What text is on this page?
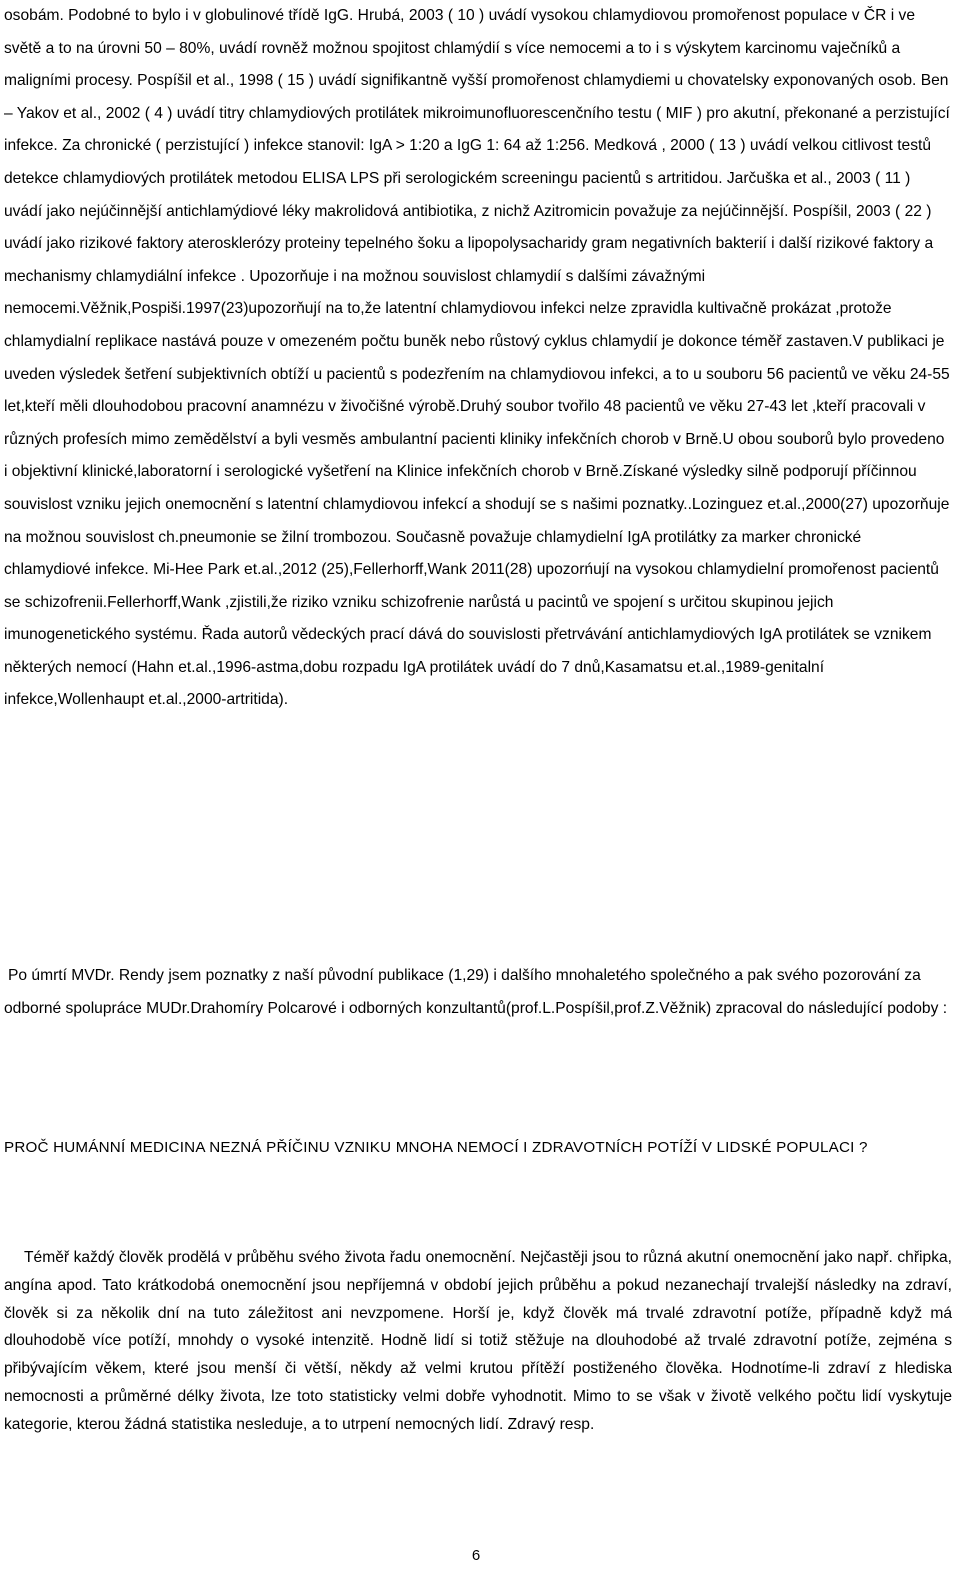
osobám. Podobné to bylo i v globulinové třídě IgG. Hrubá, 2003 ( 10 ) uvádí vysokou chlamydiovou promořenost populace v ČR i ve světě a to na úrovni 50 – 80%, uvádí rovněž možnou spojitost chlamýdií s více nemocemi a to i s výskytem karcinomu vaječníků a maligními procesy. Pospíšil et al., 1998 ( 15 ) uvádí signifikantně vyšší promořenost chlamydiemi u chovatelsky exponovaných osob. Ben – Yakov et al., 2002 ( 4 ) uvádí titry chlamydiových protilátek mikroimunofluorescenčního testu ( MIF ) pro akutní, překonané a perzistující infekce. Za chronické ( perzistující ) infekce stanovil: IgA > 1:20 a IgG 1: 64 až 1:256. Medková , 2000 ( 13 ) uvádí velkou citlivost testů detekce chlamydiových protilátek metodou ELISA LPS při serologickém screeningu pacientů s artritidou. Jarčuška et al., 2003 ( 11 ) uvádí jako nejúčinnější antichlamýdiové léky makrolidová antibiotika, z nichž Azitromicin považuje za nejúčinnější. Pospíšil, 2003 ( 22 ) uvádí jako rizikové faktory aterosklerózy proteiny tepelného šoku a lipopolysacharidy gram negativních bakterií i další rizikové faktory a mechanismy chlamydiální infekce . Upozorňuje i na možnou souvislost chlamydií s dalšími závažnými nemocemi.Věžnik,Pospiši.1997(23)upozorňují na to,že latentní chlamydiovou infekci nelze zpravidla kultivačně prokázat ,protože chlamydialní replikace nastává pouze v omezeném počtu buněk nebo růstový cyklus chlamydií je dokonce téměř zastaven.V publikaci je uveden výsledek šetření subjektivních obtíží u pacientů s podezřením na chlamydiovou infekci, a to u souboru 56 pacientů ve věku 24-55 let,kteří měli dlouhodobou pracovní anamnézu v živočišné výrobě.Druhý soubor tvořilo 48 pacientů ve věku 27-43 let ,kteří pracovali v různých profesích mimo zemědělství a byli vesměs ambulantní pacienti kliniky infekčních chorob v Brně.U obou souborů bylo provedeno i objektivní klinické,laboratorní i serologické vyšetření na Klinice infekčních chorob v Brně.Získané výsledky silně podporují příčinnou souvislost vzniku jejich onemocnění s latentní chlamydiovou infekcí a shodují se s našimi poznatky..Lozinguez et.al.,2000(27) upozorňuje na možnou souvislost ch.pneumonie se žilní trombozou. Současně považuje chlamydielní IgA protilátky za marker chronické chlamydiové infekce. Mi-Hee Park et.al.,2012 (25),Fellerhorff,Wank 2011(28) upozorńují na vysokou chlamydielní promořenost pacientů se schizofrenii.Fellerhorff,Wank ,zjistili,že riziko vzniku schizofrenie narůstá u pacintů ve spojení s určitou skupinou jejich imunogenetického systému. Řada autorů vědeckých prací dává do souvislosti přetrvávání antichlamydiových IgA protilátek se vznikem některých nemocí (Hahn et.al.,1996-astma,dobu rozpadu IgA protilátek uvádí do 7 dnů,Kasamatsu et.al.,1989-genitalní infekce,Wollenhaupt et.al.,2000-artritida).

Po úmrtí MVDr. Rendy jsem poznatky z naší původní publikace (1,29) i dalšího mnohaletého společného a pak svého pozorování za odborné spolupráce MUDr.Drahomíry Polcarové i odborných konzultantů(prof.L.Pospíšil,prof.Z.Věžnik) zpracoval do následující podoby :

PROČ HUMÁNNÍ MEDICINA NEZNÁ PŘÍČINU VZNIKU MNOHA NEMOCÍ I ZDRAVOTNÍCH POTÍŽÍ V LIDSKÉ POPULACI ?

Téměř každý člověk prodělá v průběhu svého života řadu onemocnění. Nejčastěji jsou to různá akutní onemocnění jako např. chřipka, angína apod. Tato krátkodobá onemocnění jsou nepříjemná v období jejich průběhu a pokud nezanechají trvalejší následky na zdraví, člověk si za několik dní na tuto záležitost ani nevzpomene. Horší je, když člověk má trvalé zdravotní potíže, případně když má dlouhodobě více potíží, mnohdy o vysoké intenzitě. Hodně lidí si totiž stěžuje na dlouhodobé až trvalé zdravotní potíže, zejména s přibývajícím věkem, které jsou menší či větší, někdy až velmi krutou přítěží postiženého člověka. Hodnotíme-li zdraví z hlediska nemocnosti a průměrné délky života, lze toto statisticky velmi dobře vyhodnotit. Mimo to se však v životě velkého počtu lidí vyskytuje kategorie, kterou žádná statistika nesleduje, a to utrpení nemocných lidí. Zdravý resp.

6
